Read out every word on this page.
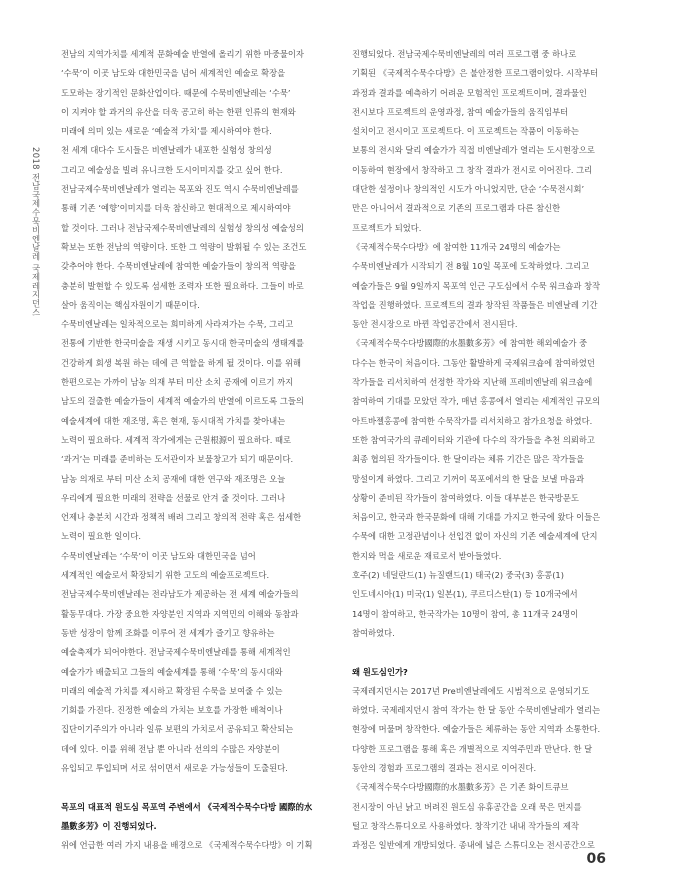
2018 전남국제수묵비엔날레 국제레지던스
전남의 지역가치를 세계적 문화예술 반열에 올리기 위한 마중물이자
‘수묵’이 이곳 남도와 대한민국을 넘어 세계적인 예술로 확장을
도모하는 장기적인 문화산업이다. 때문에 수묵비엔날레는 ‘수묵’
이 지켜야 할 과거의 유산을 더욱 공고히 하는 한편 인류의 현재와
미래에 의미 있는 새로운 ‘예술적 가치’를 제시하여야 한다.
천 세계 대다수 도시들은 비엔날레가 내포한 실험성 창의성
그리고 예술성을 빌려 유니크한 도시이미지를 갖고 싶어 한다.
전남국제수묵비엔날레가 열리는 목포와 진도 역시 수묵비엔날레를
통해 기존 ‘예향’이미지를 더욱 참신하고 현대적으로 제시하여야
할 것이다. 그러나 전남국제수묵비엔날레의 실험성 창의성 예술성의
확보는 또한 전남의 역량이다. 또한 그 역량이 발휘될 수 있는 조건도
갖추어야 한다. 수묵비엔날레에 참여한 예술가들이 창의적 역량을
충분히 발현할 수 있도록 섬세한 조력자 또한 필요하다. 그들이 바로
살아 움직이는 핵심자원이기 때문이다.
수묵비엔날레는 일차적으로는 희미하게 사라져가는 수묵, 그리고
전통에 기반한 한국미술을 재생 시키고 동시대 한국미술의 생태계를
건강하게 회생 복원 하는 데에 큰 역할을 하게 될 것이다. 이를 위해
한편으로는 가까이 남농 의재 부터 미산 소치 공재에 이르기 까지
남도의 걸출한 예술가들이 세계적 예술가의 반열에 이르도록 그들의
예술세계에 대한 재조명, 혹은 현재, 동시대적 가치를 찾아내는
노력이 필요하다. 세계적 작가에게는 근원根源이 필요하다. 때로
‘과거’는 미래를 준비하는 도서관이자 보물창고가 되기 때문이다.
남농 의재로 부터 미산 소치 공재에 대한 연구와 재조명은 오늘
우리에게 필요한 미래의 전략을 선물로 안겨 줄 것이다. 그러나
언제나 충분치 시간과 정책적 배려 그리고 창의적 전략 혹은 섬세한
노력이 필요한 일이다.
수묵비엔날레는 ‘수묵’이 이곳 남도와 대한민국을 넘어
세계적인 예술로서 확장되기 위한 고도의 예술프로젝트다.
전남국제수묵비엔날레는 전라남도가 제공하는 전 세계 예술가들의
활동무대다. 가장 중요한 자양분인 지역과 지역민의 이해와 동참과
동반 성장이 함께 조화를 이루어 전 세계가 즐기고 향유하는
예술축제가 되어야한다. 전남국제수묵비엔날레를 통해 세계적인
예술가가 배출되고 그들의 예술세계를 통해 ‘수묵’의 동시대와
미래의 예술적 가치를 제시하고 확장된 수묵을 보여줄 수 있는
기회를 가진다. 진정한 예술의 가치는 보호를 가장한 배척이나
집단이기주의가 아니라 일류 보편의 가치로서 공유되고 확산되는
데에 있다. 이를 위해 전남 뿐 아니라 선의의 수많은 자양분이
유입되고 투입되며 서로 섞이면서 새로운 가능성들이 도출된다.
목포의 대표적 원도심 목포역 주변에서 《국제적수묵수다방 國際的水
墨數多芳》이 진행되었다.
위에 언급한 여러 가지 내용을 배경으로 《국제적수묵수다방》이 기획
진행되었다. 전남국제수묵비엔날레의 여러 프로그램 중 하나로
기획된 《국제적수묵수다방》은 불안정한 프로그램이었다. 시작부터
과정과 결과를 예측하기 어려운 모험적인 프로젝트이며, 결과물인
전시보다 프로젝트의 운영과정, 참여 예술가들의 움직임부터
설치이고 전시이고 프로젝트다. 이 프로젝트는 작품이 이동하는
보통의 전시와 달리 예술가가 직접 비엔날레가 열리는 도시현장으로
이동하여 현장에서 창작하고 그 창작 결과가 전시로 이어진다. 그리
대단한 설정이나 창의적인 시도가 아니었지만, 단순 ‘수묵전시회’
만은 아니어서 결과적으로 기존의 프로그램과 다른 참신한
프로젝트가 되었다.
《국제적수묵수다방》에 참여한 11개국 24명의 예술가는
수묵비엔날레가 시작되기 전 8월 10일 목포에 도착하였다. 그리고
예술가들은 9월 9일까지 목포역 인근 구도심에서 수묵 워크숍과 창작
작업을 진행하였다. 프로젝트의 결과 창작된 작품들은 비엔날레 기간
동안 전시장으로 바뀐 작업공간에서 전시된다.
《국제적수묵수다방國際的水墨數多芳》에 참여한 해외예술가 중
다수는 한국이 처음이다. 그동안 활발하게 국제워크숍에 참여하였던
작가들을 리서치하여 선정한 작가와 지난해 프레비엔날레 워크숍에
참여하여 기대를 모았던 작가, 매년 홍콩에서 열리는 세계적인 규모의
아트바젤홍콩에 참여한 수묵작가를 리서치하고 참가요청을 하였다.
또한 참여국가의 큐레이터와 기관에 다수의 작가들을 추천 의뢰하고
최종 협의된 작가들이다. 한 달이라는 체류 기간은 많은 작가들을
망설이게 하였다. 그리고 기꺼이 목포에서의 한 달을 보낼 마음과
상황이 준비된 작가들이 참여하였다. 이들 대부분은 한국방문도
처음이고, 한국과 한국문화에 대해 기대를 가지고 한국에 왔다 이들은
수묵에 대한 고정관념이나 선입견 없이 자신의 기존 예술세계에 단지
한지와 먹을 새로운 재료로서 받아들였다.
호주(2) 네덜란드(1) 뉴질랜드(1) 태국(2) 중국(3) 홍콩(1)
인도네시아(1) 미국(1) 일본(1), 쿠르디스탄(1) 등 10개국에서
14명이 참여하고, 한국작가는 10명이 참여, 총 11개국 24명이
참여하였다.
왜 원도심인가?
국제레지던시는 2017년 Pre비엔날레에도 시범적으로 운영되기도
하였다. 국제레지던시 참여 작가는 한 달 동안 수묵비엔날레가 열리는
현장에 머물며 창작한다. 예술가들은 체류하는 동안 지역과 소통한다.
다양한 프로그램을 통해 혹은 개별적으로 지역주민과 만난다. 한 달
동안의 경험과 프로그램의 결과는 전시로 이어진다.
《국제적수묵수다방國際的水墨數多芳》은 기존 화이트큐브
전시장이 아닌 낡고 버려진 원도심 유휴공간을 오래 묵은 먼지를
털고 창작스튜디오로 사용하였다. 창작기간 내내 작가들의 제작
과정은 일반에게 개방되었다. 종내에 넓은 스튜디오는 전시공간으로
06
